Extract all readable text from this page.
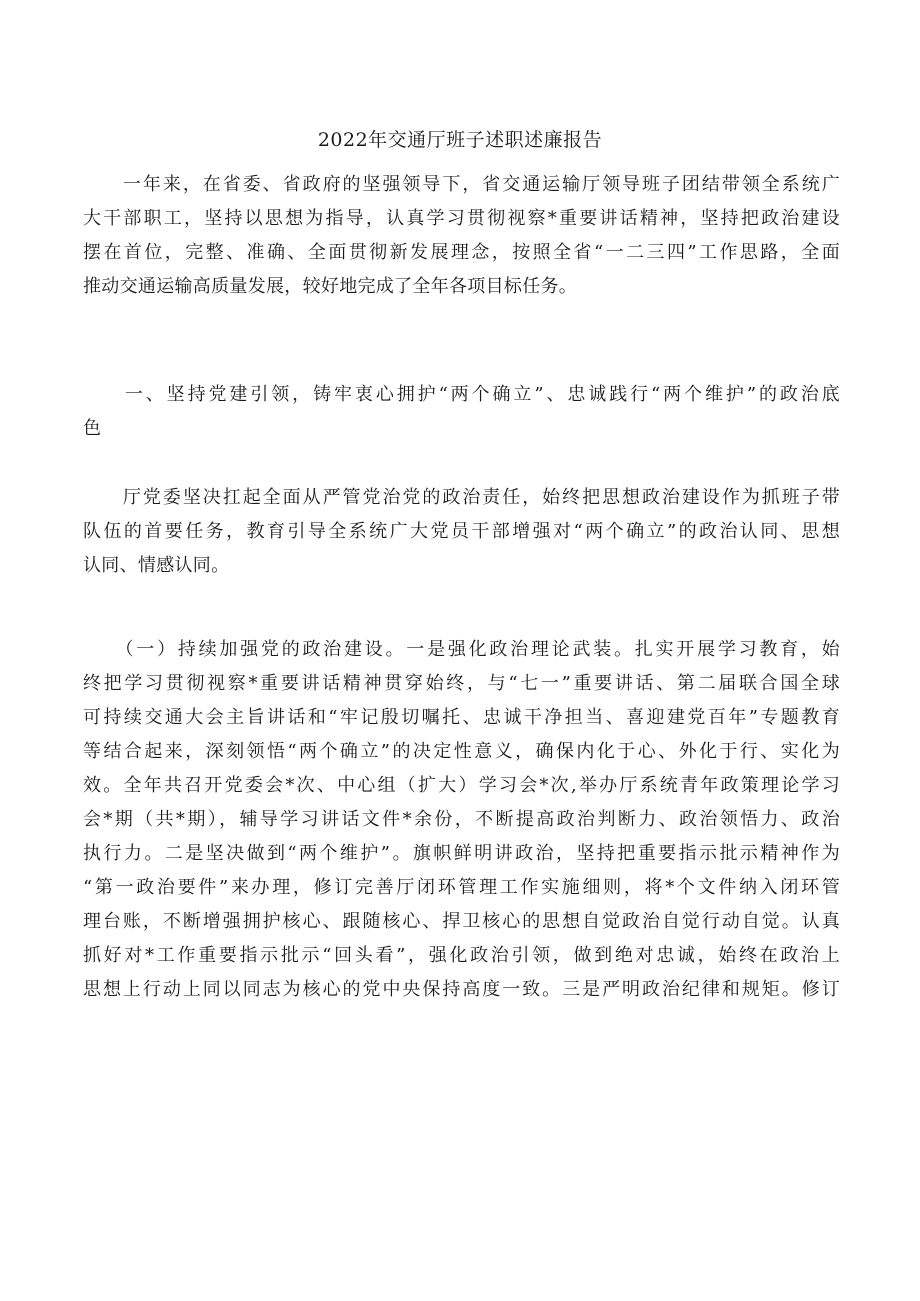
2022年交通厅班子述职述廉报告
　　一年来，在省委、省政府的坚强领导下，省交通运输厅领导班子团结带领全系统广
大干部职工，坚持以思想为指导，认真学习贯彻视察*重要讲话精神，坚持把政治建设
摆在首位，完整、准确、全面贯彻新发展理念，按照全省“一二三四”工作思路，全面
推动交通运输高质量发展，较好地完成了全年各项目标任务。
　　一、坚持党建引领，铸牢衷心拥护“两个确立”、忠诚践行“两个维护”的政治底
色
　　厅党委坚决扛起全面从严管党治党的政治责任，始终把思想政治建设作为抓班子带
队伍的首要任务，教育引导全系统广大党员干部增强对“两个确立”的政治认同、思想
认同、情感认同。
　　（一）持续加强党的政治建设。一是强化政治理论武装。扎实开展学习教育，始
终把学习贯彻视察*重要讲话精神贯穿始终，与“七一”重要讲话、第二届联合国全球
可持续交通大会主旨讲话和“牢记殷切嘱托、忠诚干净担当、喜迎建党百年”专题教育
等结合起来，深刻领悟“两个确立”的决定性意义，确保内化于心、外化于行、实化为
效。全年共召开党委会*次、中心组（扩大）学习会*次,举办厅系统青年政策理论学习
会*期（共*期），辅导学习讲话文件*余份，不断提高政治判断力、政治领悟力、政治
执行力。二是坚决做到“两个维护”。旗帜鲜明讲政治，坚持把重要指示批示精神作为
“第一政治要件”来办理，修订完善厅闭环管理工作实施细则，将*个文件纳入闭环管
理台账，不断增强拥护核心、跟随核心、捍卫核心的思想自觉政治自觉行动自觉。认真
抓好对*工作重要指示批示“回头看”，强化政治引领，做到绝对忠诚，始终在政治上
思想上行动上同以同志为核心的党中央保持高度一致。三是严明政治纪律和规矩。修订
